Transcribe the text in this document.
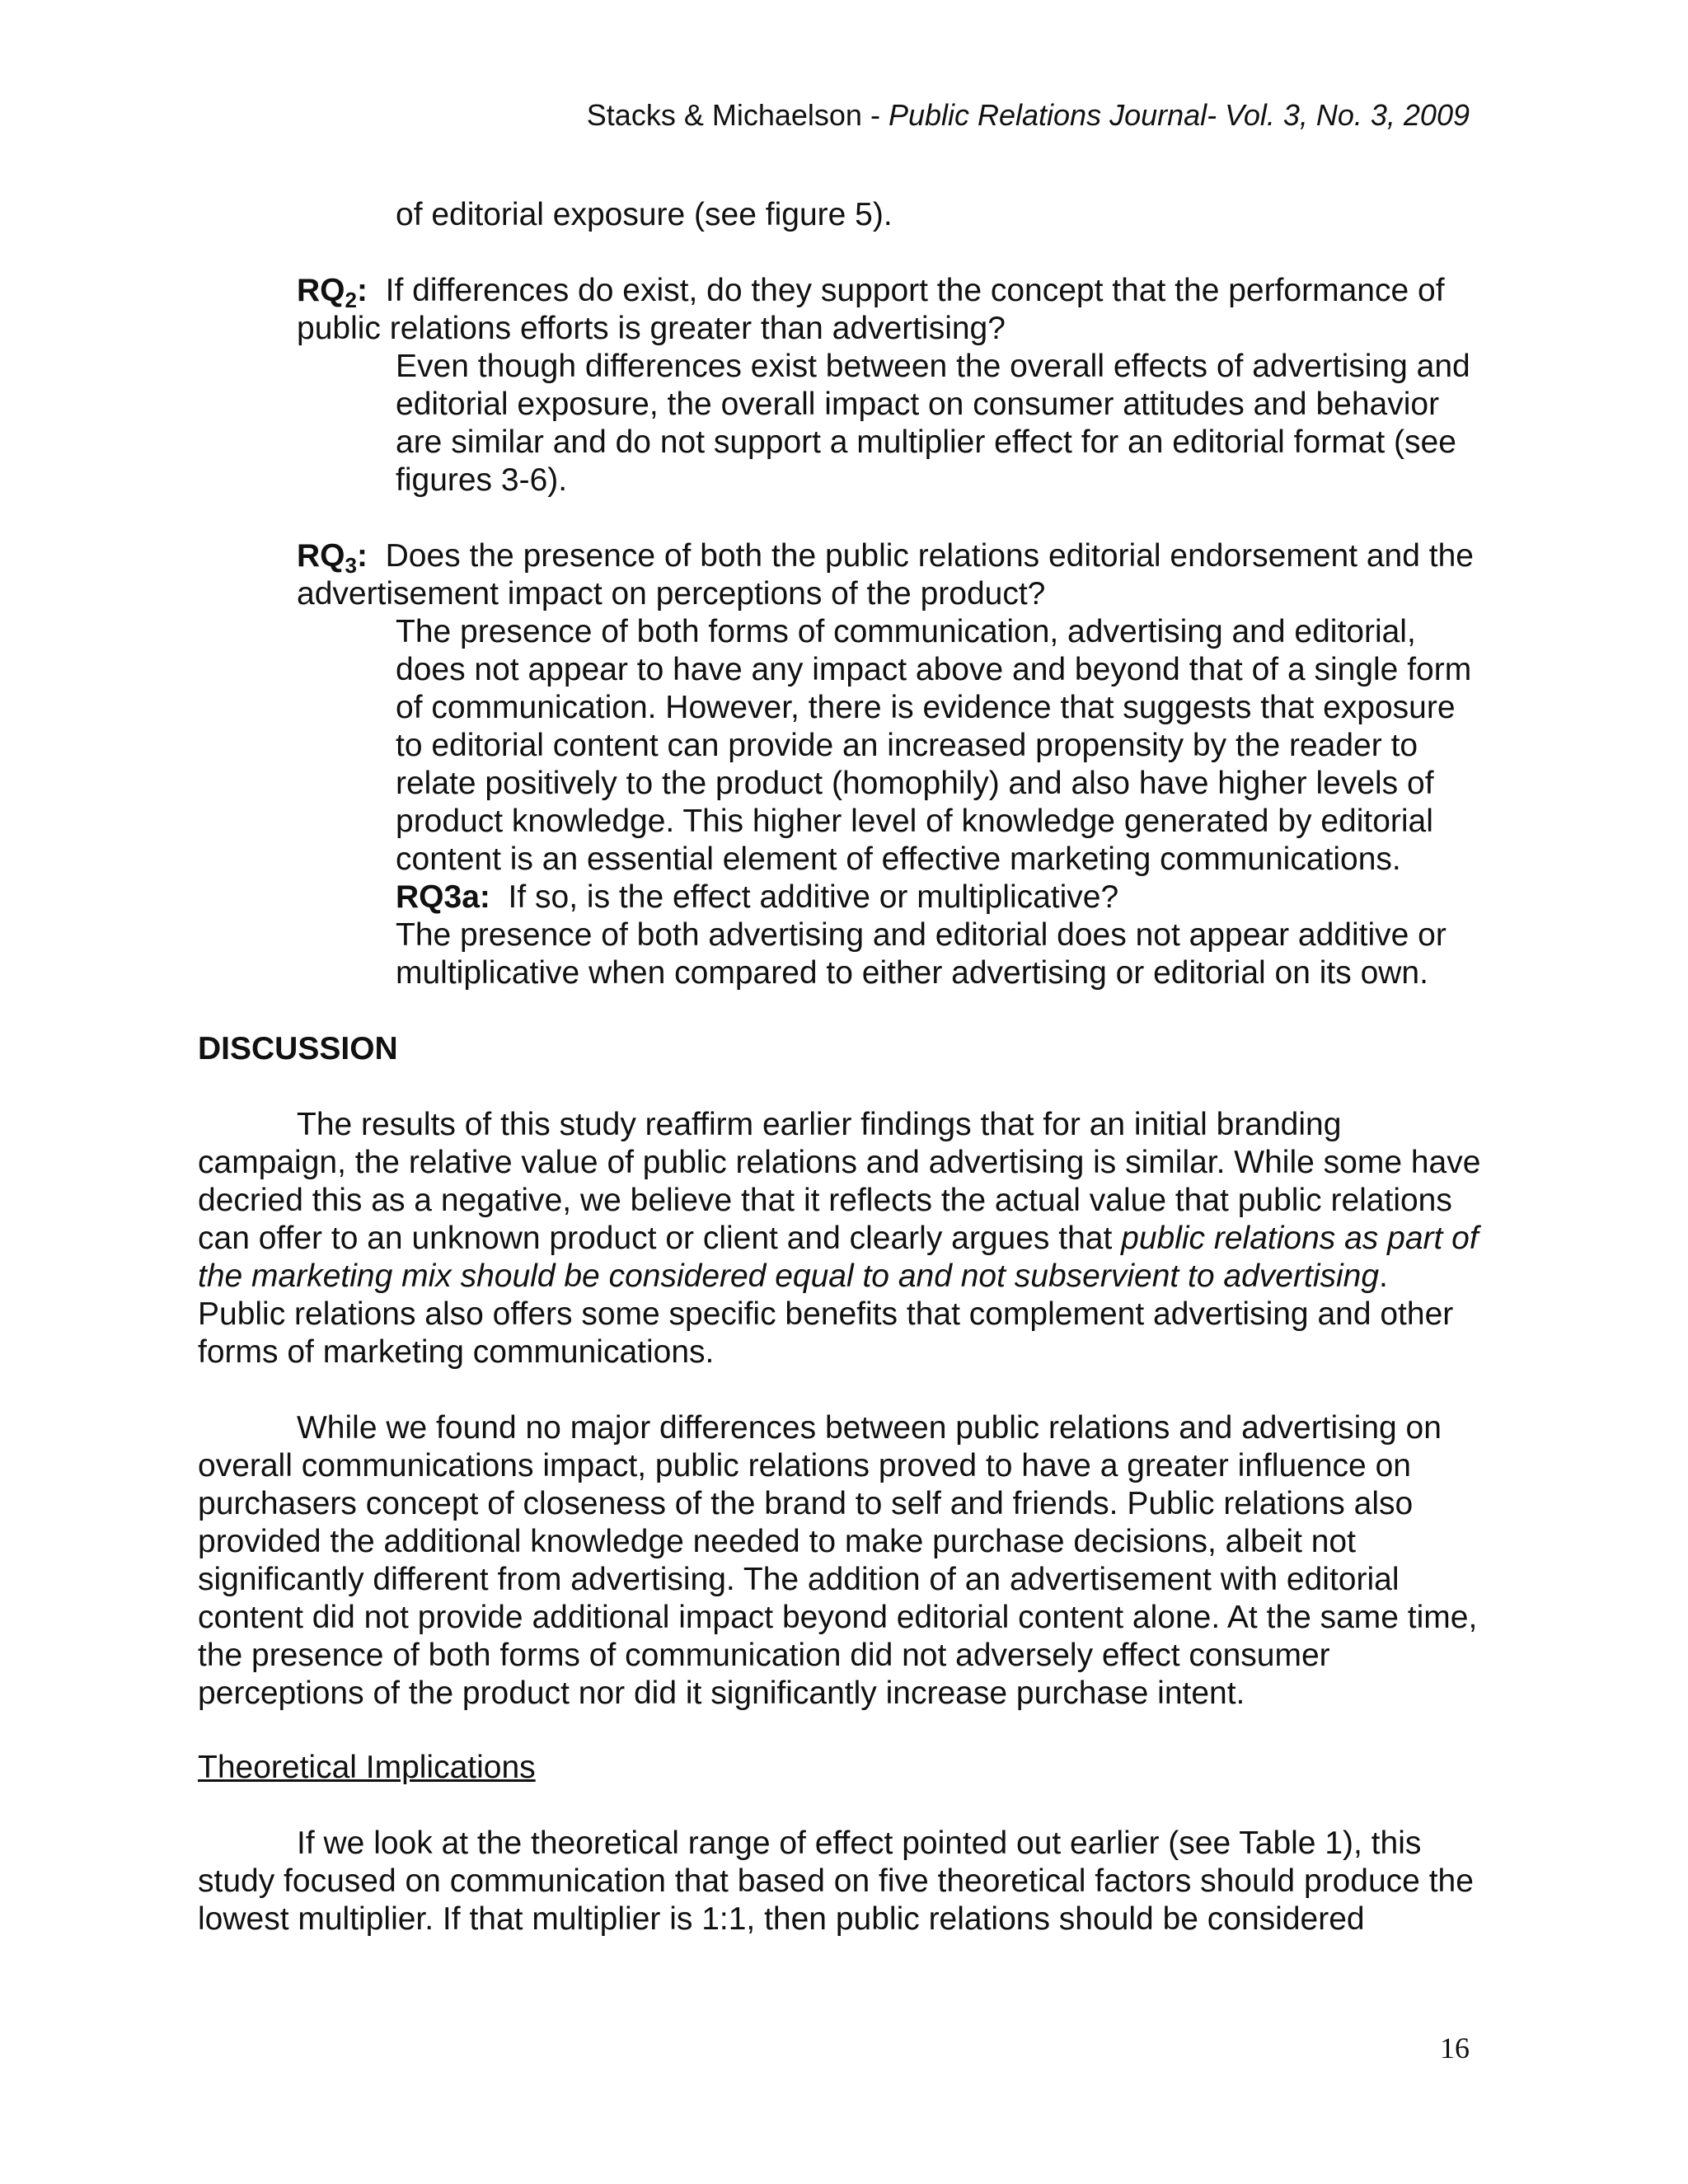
Stacks & Michaelson - Public Relations Journal- Vol. 3, No. 3, 2009

of editorial exposure (see figure 5).

$RQ_2$:  If differences do exist, do they support the concept that the performance of public relations efforts is greater than advertising?

Even though differences exist between the overall effects of advertising and editorial exposure, the overall impact on consumer attitudes and behavior are similar and do not support a multiplier effect for an editorial format (see figures 3-6).

$RQ_3$:  Does the presence of both the public relations editorial endorsement and the advertisement impact on perceptions of the product?

The presence of both forms of communication, advertising and editorial, does not appear to have any impact above and beyond that of a single form of communication. However, there is evidence that suggests that exposure to editorial content can provide an increased propensity by the reader to relate positively to the product (homophily) and also have higher levels of product knowledge. This higher level of knowledge generated by editorial content is an essential element of effective marketing communications.

RQ3a:  If so, is the effect additive or multiplicative?

The presence of both advertising and editorial does not appear additive or multiplicative when compared to either advertising or editorial on its own.

DISCUSSION

The results of this study reaffirm earlier findings that for an initial branding campaign, the relative value of public relations and advertising is similar. While some have decried this as a negative, we believe that it reflects the actual value that public relations can offer to an unknown product or client and clearly argues that public relations as part of the marketing mix should be considered equal to and not subservient to advertising. Public relations also offers some specific benefits that complement advertising and other forms of marketing communications.

While we found no major differences between public relations and advertising on overall communications impact, public relations proved to have a greater influence on purchasers concept of closeness of the brand to self and friends. Public relations also provided the additional knowledge needed to make purchase decisions, albeit not significantly different from advertising. The addition of an advertisement with editorial content did not provide additional impact beyond editorial content alone. At the same time, the presence of both forms of communication did not adversely effect consumer perceptions of the product nor did it significantly increase purchase intent.

Theoretical Implications

If we look at the theoretical range of effect pointed out earlier (see Table 1), this study focused on communication that based on five theoretical factors should produce the lowest multiplier. If that multiplier is 1:1, then public relations should be considered

16
